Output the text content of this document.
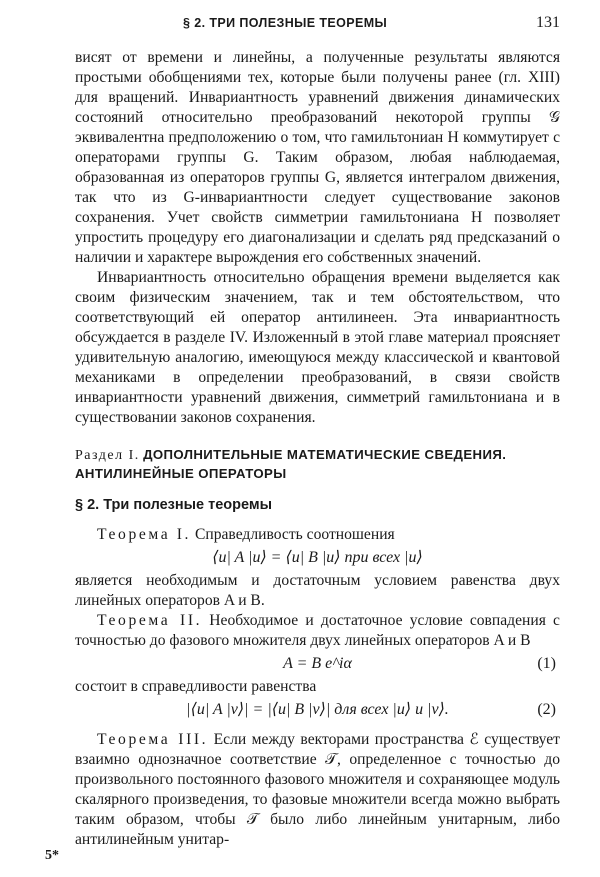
§ 2. ТРИ ПОЛЕЗНЫЕ ТЕОРЕМЫ	131

висят от времени и линейны, а полученные результаты являются простыми обобщениями тех, которые были получены ранее (гл. XIII) для вращений. Инвариантность уравнений движения динамических состояний относительно преобразований некоторой группы 𝒢 эквивалентна предположению о том, что гамильтониан H коммутирует с операторами группы G. Таким образом, любая наблюдаемая, образованная из операторов группы G, является интегралом движения, так что из G-инвариантности следует существование законов сохранения. Учет свойств симметрии гамильтониана H позволяет упростить процедуру его диагонализации и сделать ряд предсказаний о наличии и характере вырождения его собственных значений.

Инвариантность относительно обращения времени выделяется как своим физическим значением, так и тем обстоятельством, что соответствующий ей оператор антилинеен. Эта инвариантность обсуждается в разделе IV. Изложенный в этой главе материал проясняет удивительную аналогию, имеющуюся между классической и квантовой механиками в определении преобразований, в связи свойств инвариантности уравнений движения, симметрий гамильтониана и в существовании законов сохранения.

Раздел I. ДОПОЛНИТЕЛЬНЫЕ МАТЕМАТИЧЕСКИЕ СВЕДЕНИЯ. АНТИЛИНЕЙНЫЕ ОПЕРАТОРЫ
§ 2. Три полезные теоремы

Теорема I. Справедливость соотношения

⟨u| A |u⟩ = ⟨u| B |u⟩ при всех |u⟩

является необходимым и достаточным условием равенства двух линейных операторов A и B.

Теорема II. Необходимое и достаточное условие совпадения с точностью до фазового множителя двух линейных операторов A и B

A = B e^iα	(1)

состоит в справедливости равенства

|⟨u| A |v⟩| = |⟨u| B |v⟩| для всех |u⟩ и |v⟩.	(2)

Теорема III. Если между векторами пространства ℰ существует взаимно однозначное соответствие 𝒯, определенное с точностью до произвольного постоянного фазового множителя и сохраняющее модуль скалярного произведения, то фазовые множители всегда можно выбрать таким образом, чтобы 𝒯 было либо линейным унитарным, либо антилинейным унитар-

5*
